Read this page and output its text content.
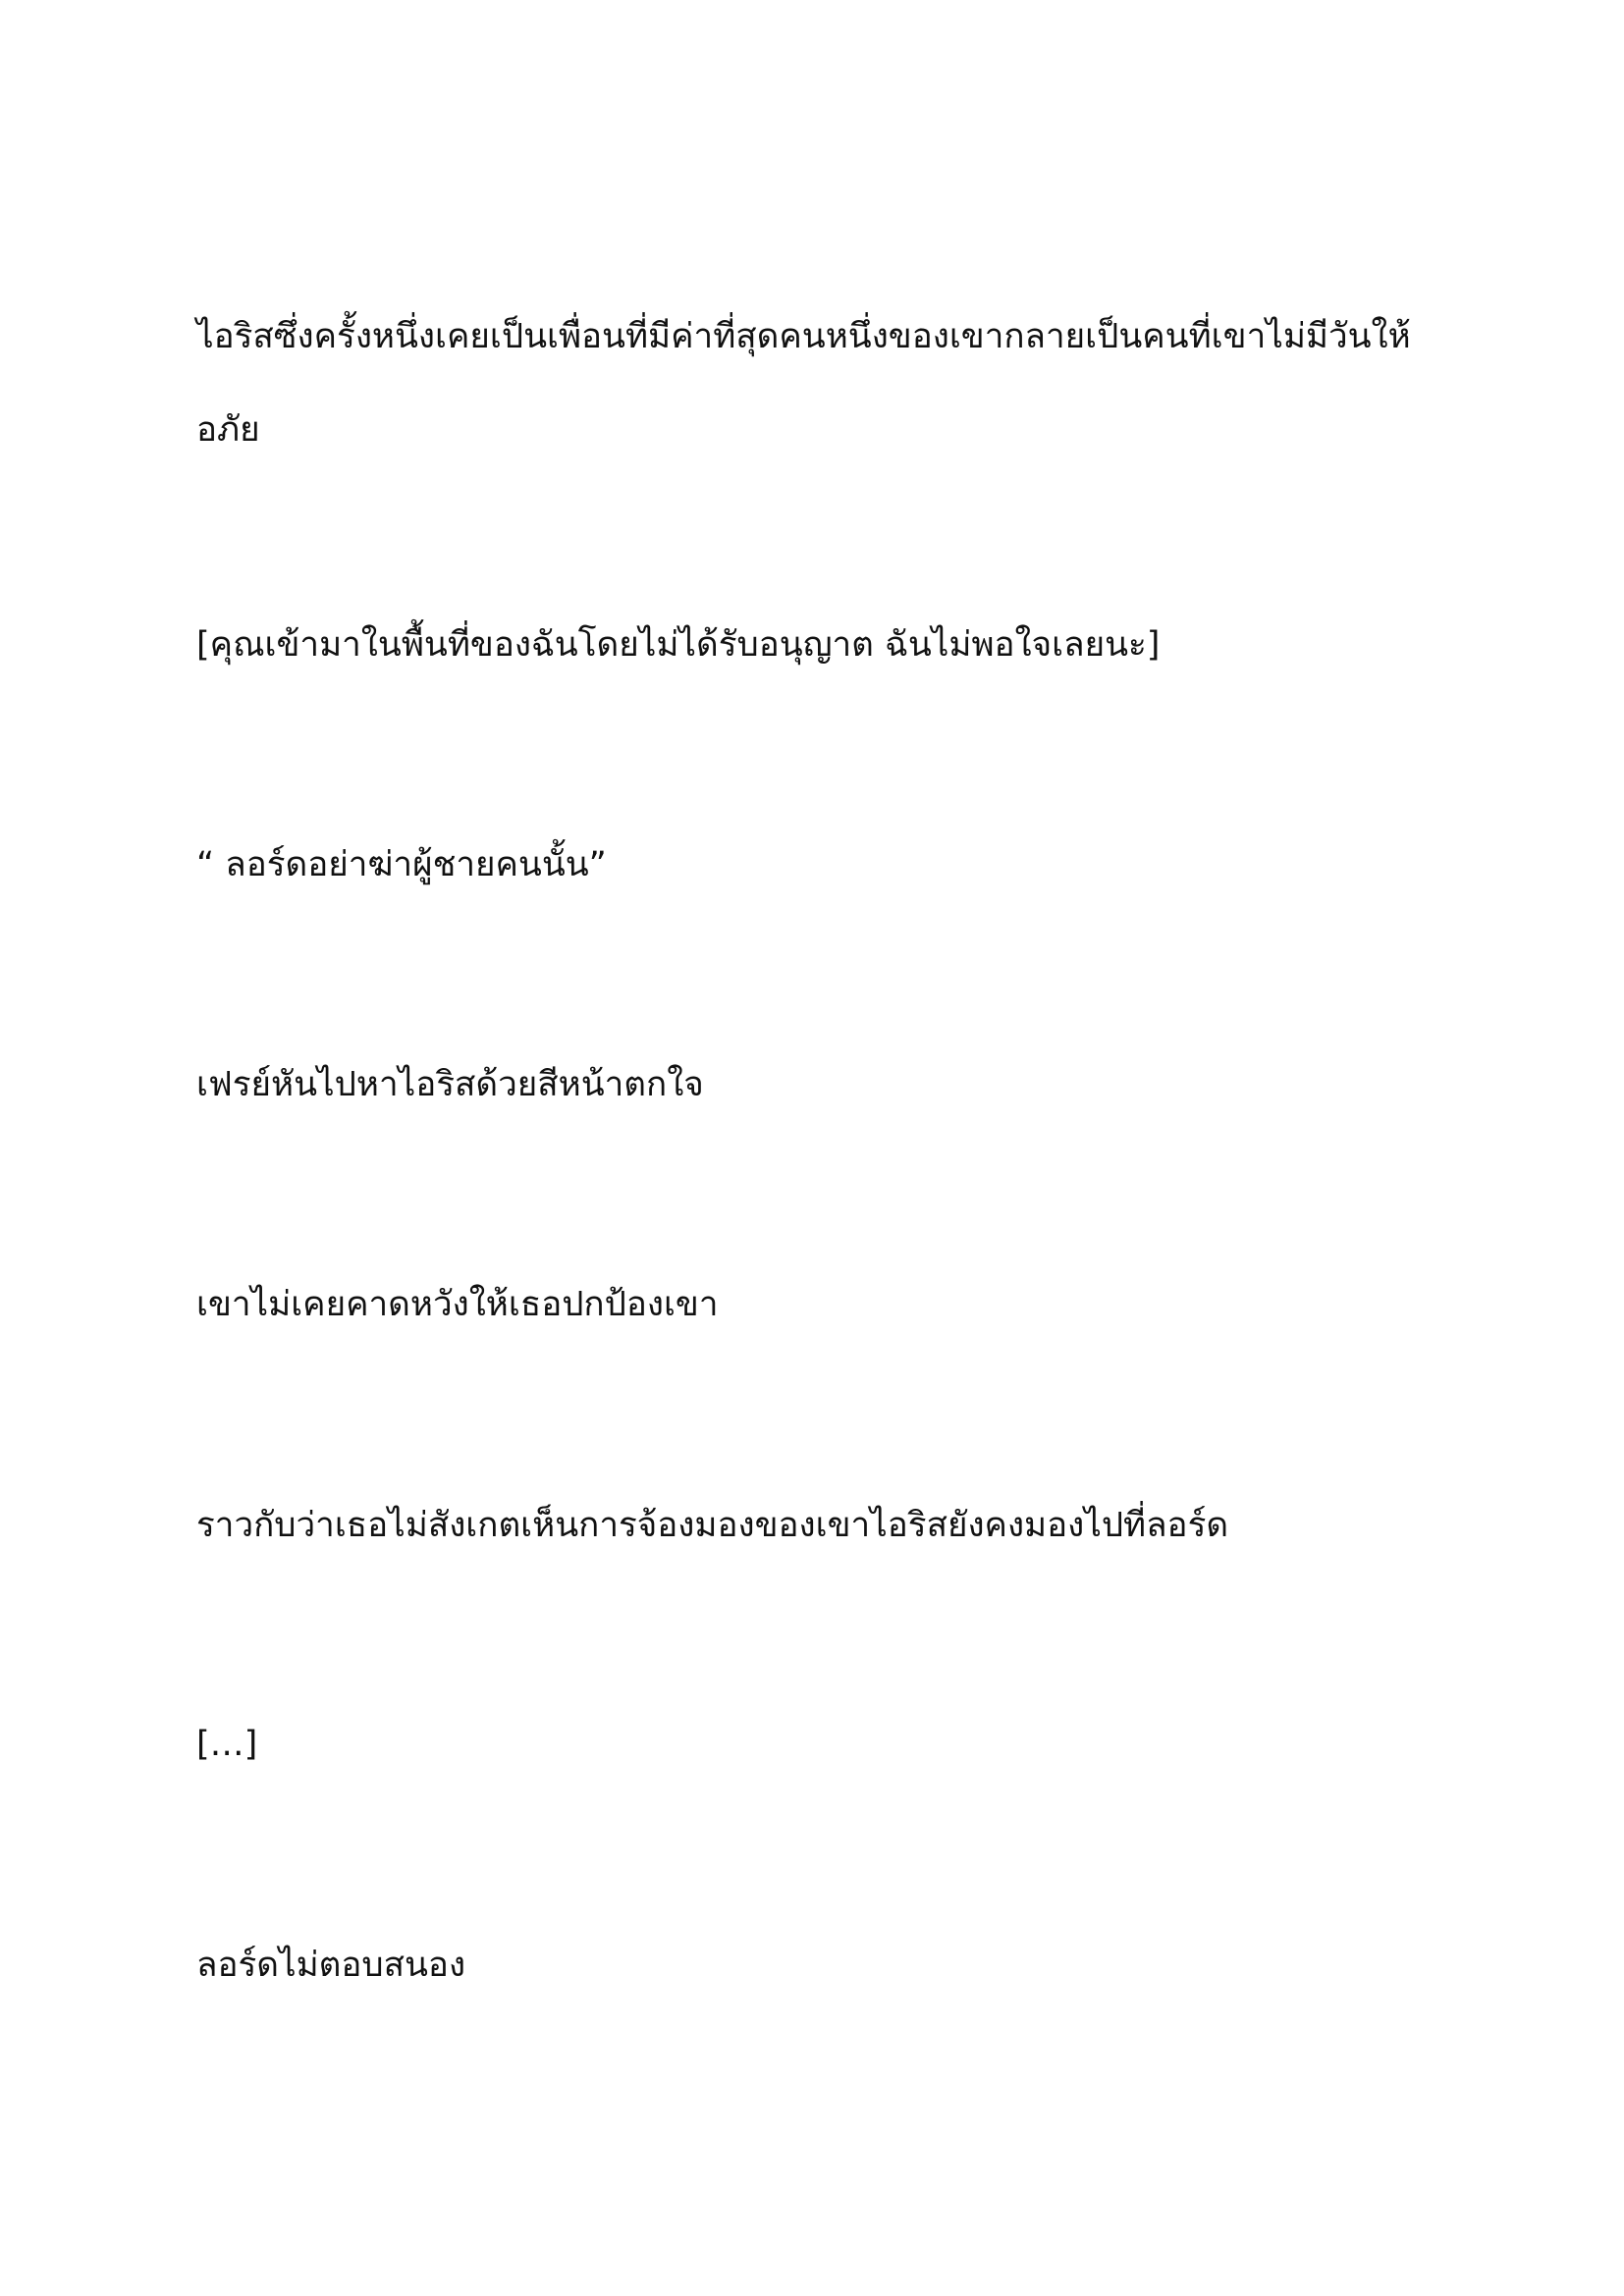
ไอริสซึ่งครั้งหนึ่งเคยเป็นเพื่อนที่มีค่าที่สุดคนหนึ่งของเขากลายเป็นคนที่เขาไม่มีวันให้อภัย

[คุณเข้ามาในพื้นที่ของฉันโดยไม่ได้รับอนุญาต ฉันไม่พอใจเลยนะ]

“ ลอร์ดอย่าฆ่าผู้ชายคนนั้น”

เฟรย์หันไปหาไอริสด้วยสีหน้าตกใจ

เขาไม่เคยคาดหวังให้เธอปกป้องเขา

ราวกับว่าเธอไม่สังเกตเห็นการจ้องมองของเขาไอริสยังคงมองไปที่ลอร์ด

[…]

ลอร์ดไม่ตอบสนอง
